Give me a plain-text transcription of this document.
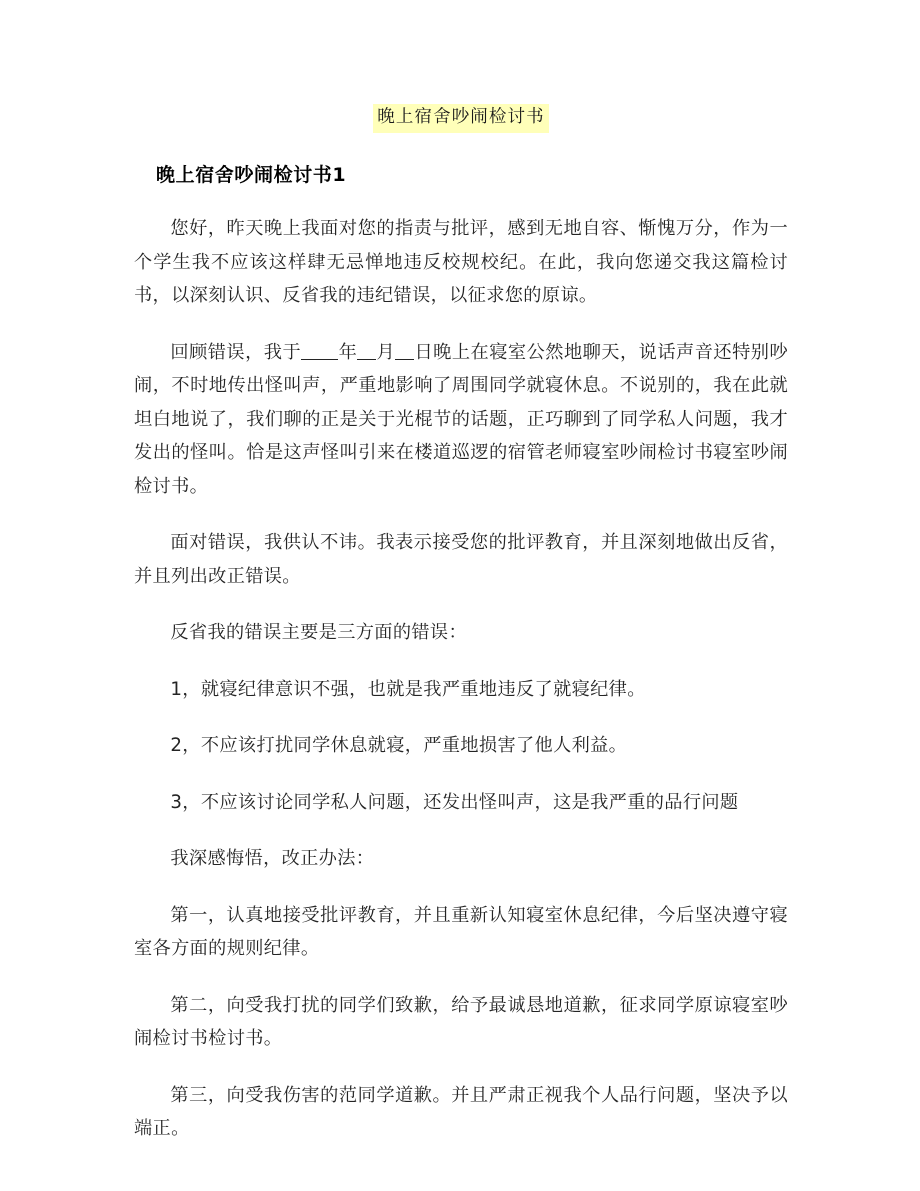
晚上宿舍吵闹检讨书
晚上宿舍吵闹检讨书1

您好，昨天晚上我面对您的指责与批评，感到无地自容、惭愧万分，作为一个学生我不应该这样肆无忌惮地违反校规校纪。在此，我向您递交我这篇检讨书，以深刻认识、反省我的违纪错误，以征求您的原谅。

回顾错误，我于 年 月 日晚上在寝室公然地聊天，说话声音还特别吵闹，不时地传出怪叫声，严重地影响了周围同学就寝休息。不说别的，我在此就坦白地说了，我们聊的正是关于光棍节的话题，正巧聊到了同学私人问题，我才发出的怪叫。恰是这声怪叫引来在楼道巡逻的宿管老师寝室吵闹检讨书寝室吵闹检讨书。

面对错误，我供认不讳。我表示接受您的批评教育，并且深刻地做出反省，并且列出改正错误。

反省我的错误主要是三方面的错误：

1，就寝纪律意识不强，也就是我严重地违反了就寝纪律。

2，不应该打扰同学休息就寝，严重地损害了他人利益。

3，不应该讨论同学私人问题，还发出怪叫声，这是我严重的品行问题

我深感悔悟，改正办法：

第一，认真地接受批评教育，并且重新认知寝室休息纪律，今后坚决遵守寝室各方面的规则纪律。

第二，向受我打扰的同学们致歉，给予最诚恳地道歉，征求同学原谅寝室吵闹检讨书检讨书。

第三，向受我伤害的范同学道歉。并且严肃正视我个人品行问题，坚决予以端正。
